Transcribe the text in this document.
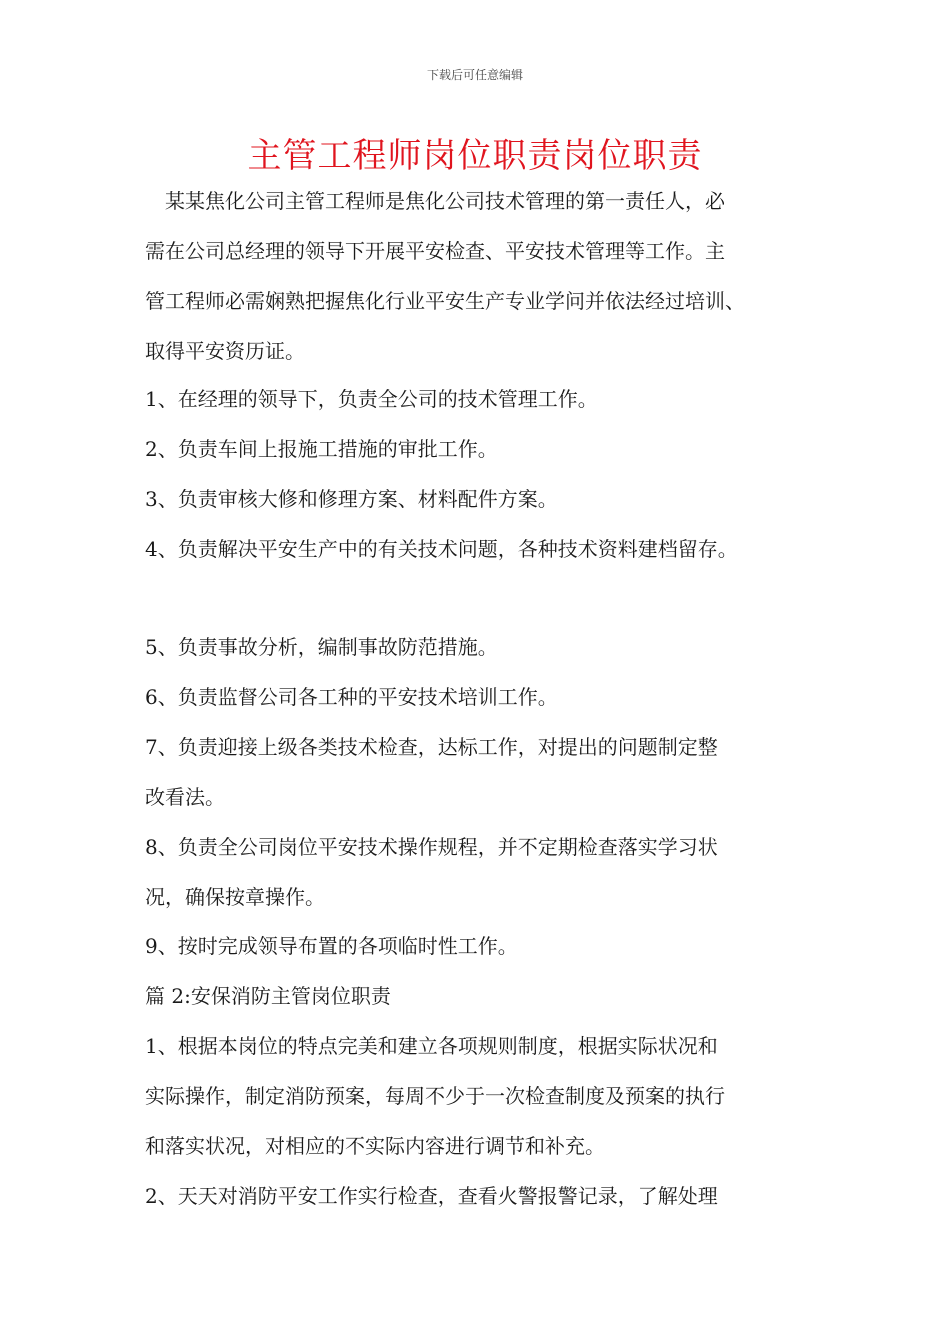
下载后可任意编辑
主管工程师岗位职责岗位职责
　某某焦化公司主管工程师是焦化公司技术管理的第一责任人，必
需在公司总经理的领导下开展平安检查、平安技术管理等工作。主
管工程师必需娴熟把握焦化行业平安生产专业学问并依法经过培训、
取得平安资历证。
1、在经理的领导下，负责全公司的技术管理工作。
2、负责车间上报施工措施的审批工作。
3、负责审核大修和修理方案、材料配件方案。
4、负责解决平安生产中的有关技术问题，各种技术资料建档留存。
5、负责事故分析，编制事故防范措施。
6、负责监督公司各工种的平安技术培训工作。
7、负责迎接上级各类技术检查，达标工作，对提出的问题制定整
改看法。
8、负责全公司岗位平安技术操作规程，并不定期检查落实学习状
况，确保按章操作。
9、按时完成领导布置的各项临时性工作。
篇 2:安保消防主管岗位职责
1、根据本岗位的特点完美和建立各项规则制度，根据实际状况和
实际操作，制定消防预案，每周不少于一次检查制度及预案的执行
和落实状况，对相应的不实际内容进行调节和补充。
2、天天对消防平安工作实行检查，查看火警报警记录，了解处理
